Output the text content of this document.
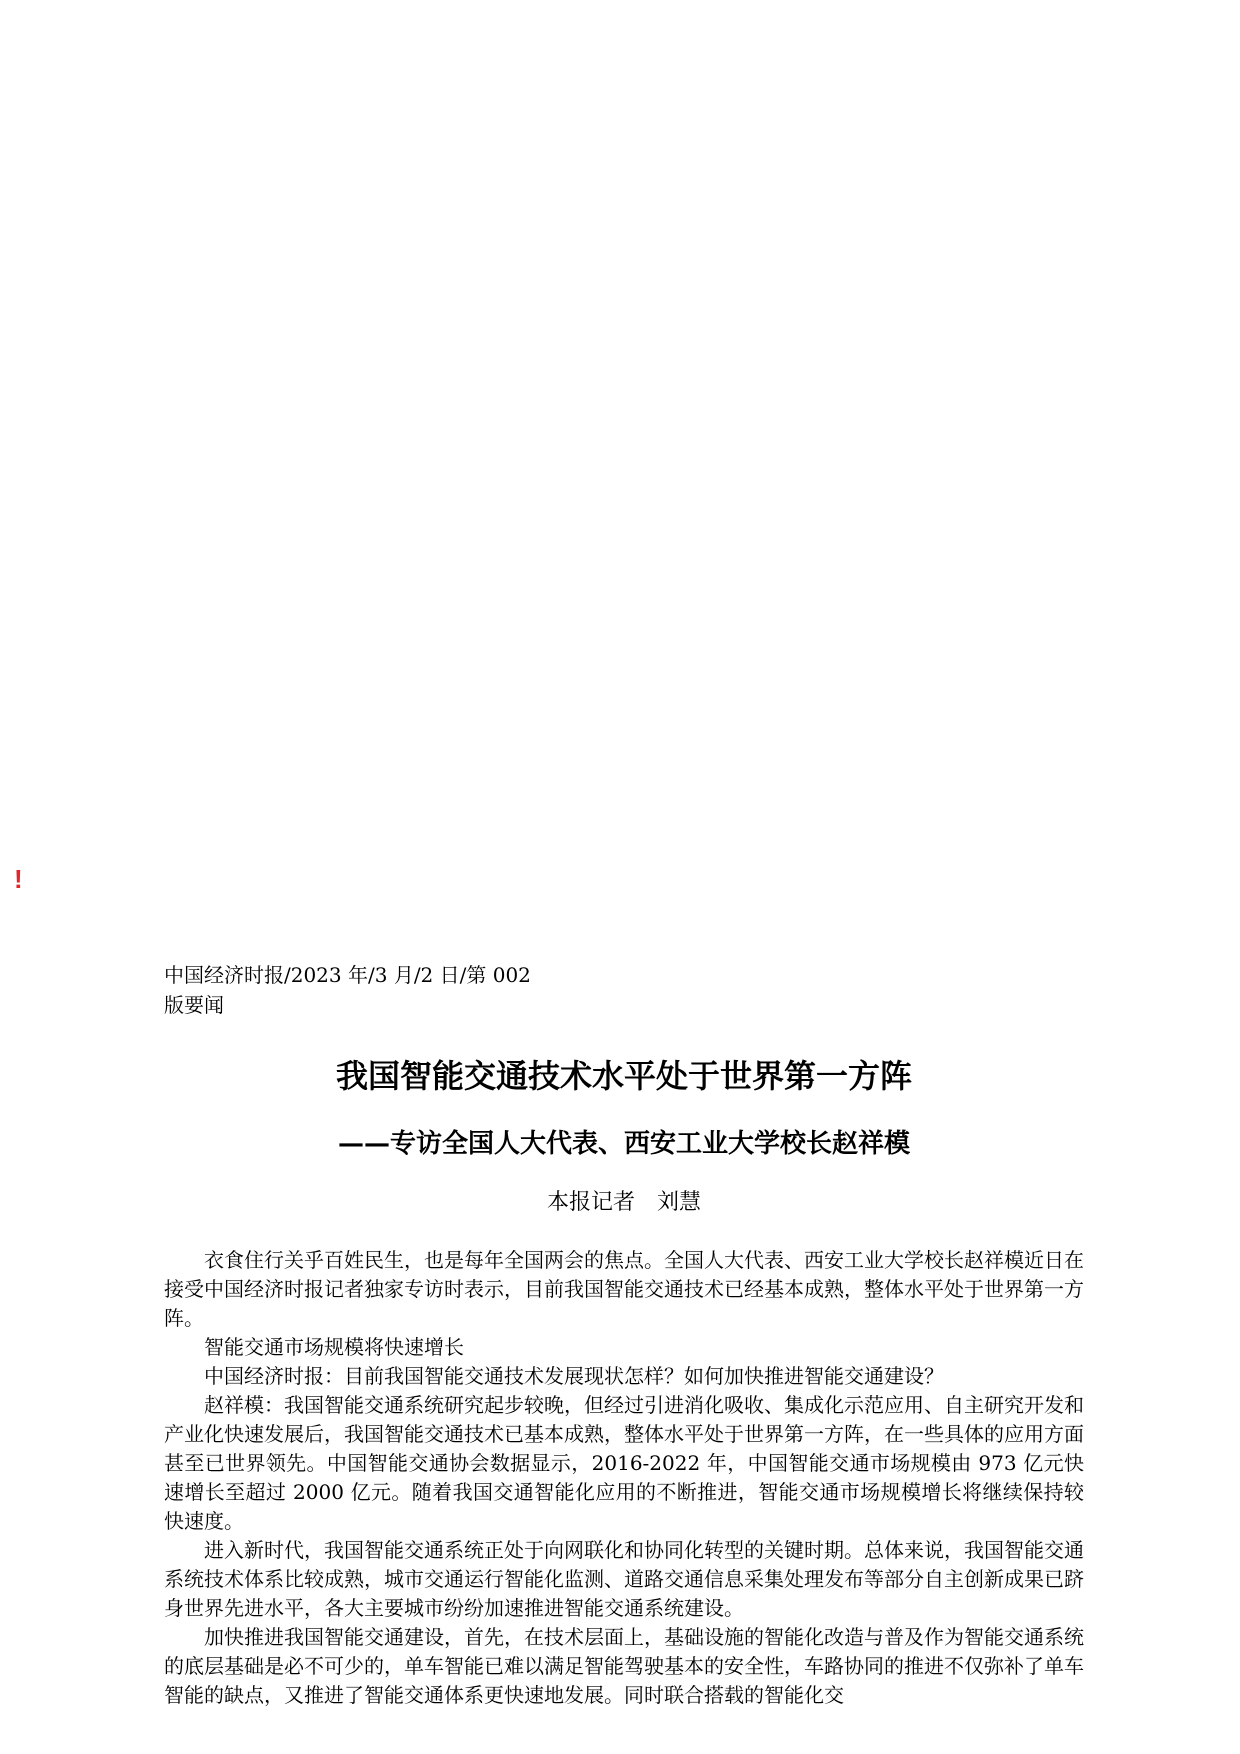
!
中国经济时报/2023 年/3 月/2 日/第 002
版要闻
我国智能交通技术水平处于世界第一方阵
——专访全国人大代表、西安工业大学校长赵祥模
本报记者　刘慧

衣食住行关乎百姓民生，也是每年全国两会的焦点。全国人大代表、西安工业大学校长赵祥模近日在接受中国经济时报记者独家专访时表示，目前我国智能交通技术已经基本成熟，整体水平处于世界第一方阵。

智能交通市场规模将快速增长

中国经济时报：目前我国智能交通技术发展现状怎样？如何加快推进智能交通建设？

赵祥模：我国智能交通系统研究起步较晚，但经过引进消化吸收、集成化示范应用、自主研究开发和产业化快速发展后，我国智能交通技术已基本成熟，整体水平处于世界第一方阵，在一些具体的应用方面甚至已世界领先。中国智能交通协会数据显示，2016-2022 年，中国智能交通市场规模由 973 亿元快速增长至超过 2000 亿元。随着我国交通智能化应用的不断推进，智能交通市场规模增长将继续保持较快速度。

进入新时代，我国智能交通系统正处于向网联化和协同化转型的关键时期。总体来说，我国智能交通系统技术体系比较成熟，城市交通运行智能化监测、道路交通信息采集处理发布等部分自主创新成果已跻身世界先进水平，各大主要城市纷纷加速推进智能交通系统建设。

加快推进我国智能交通建设，首先，在技术层面上，基础设施的智能化改造与普及作为智能交通系统的底层基础是必不可少的，单车智能已难以满足智能驾驶基本的安全性，车路协同的推进不仅弥补了单车智能的缺点，又推进了智能交通体系更快速地发展。同时联合搭载的智能化交
